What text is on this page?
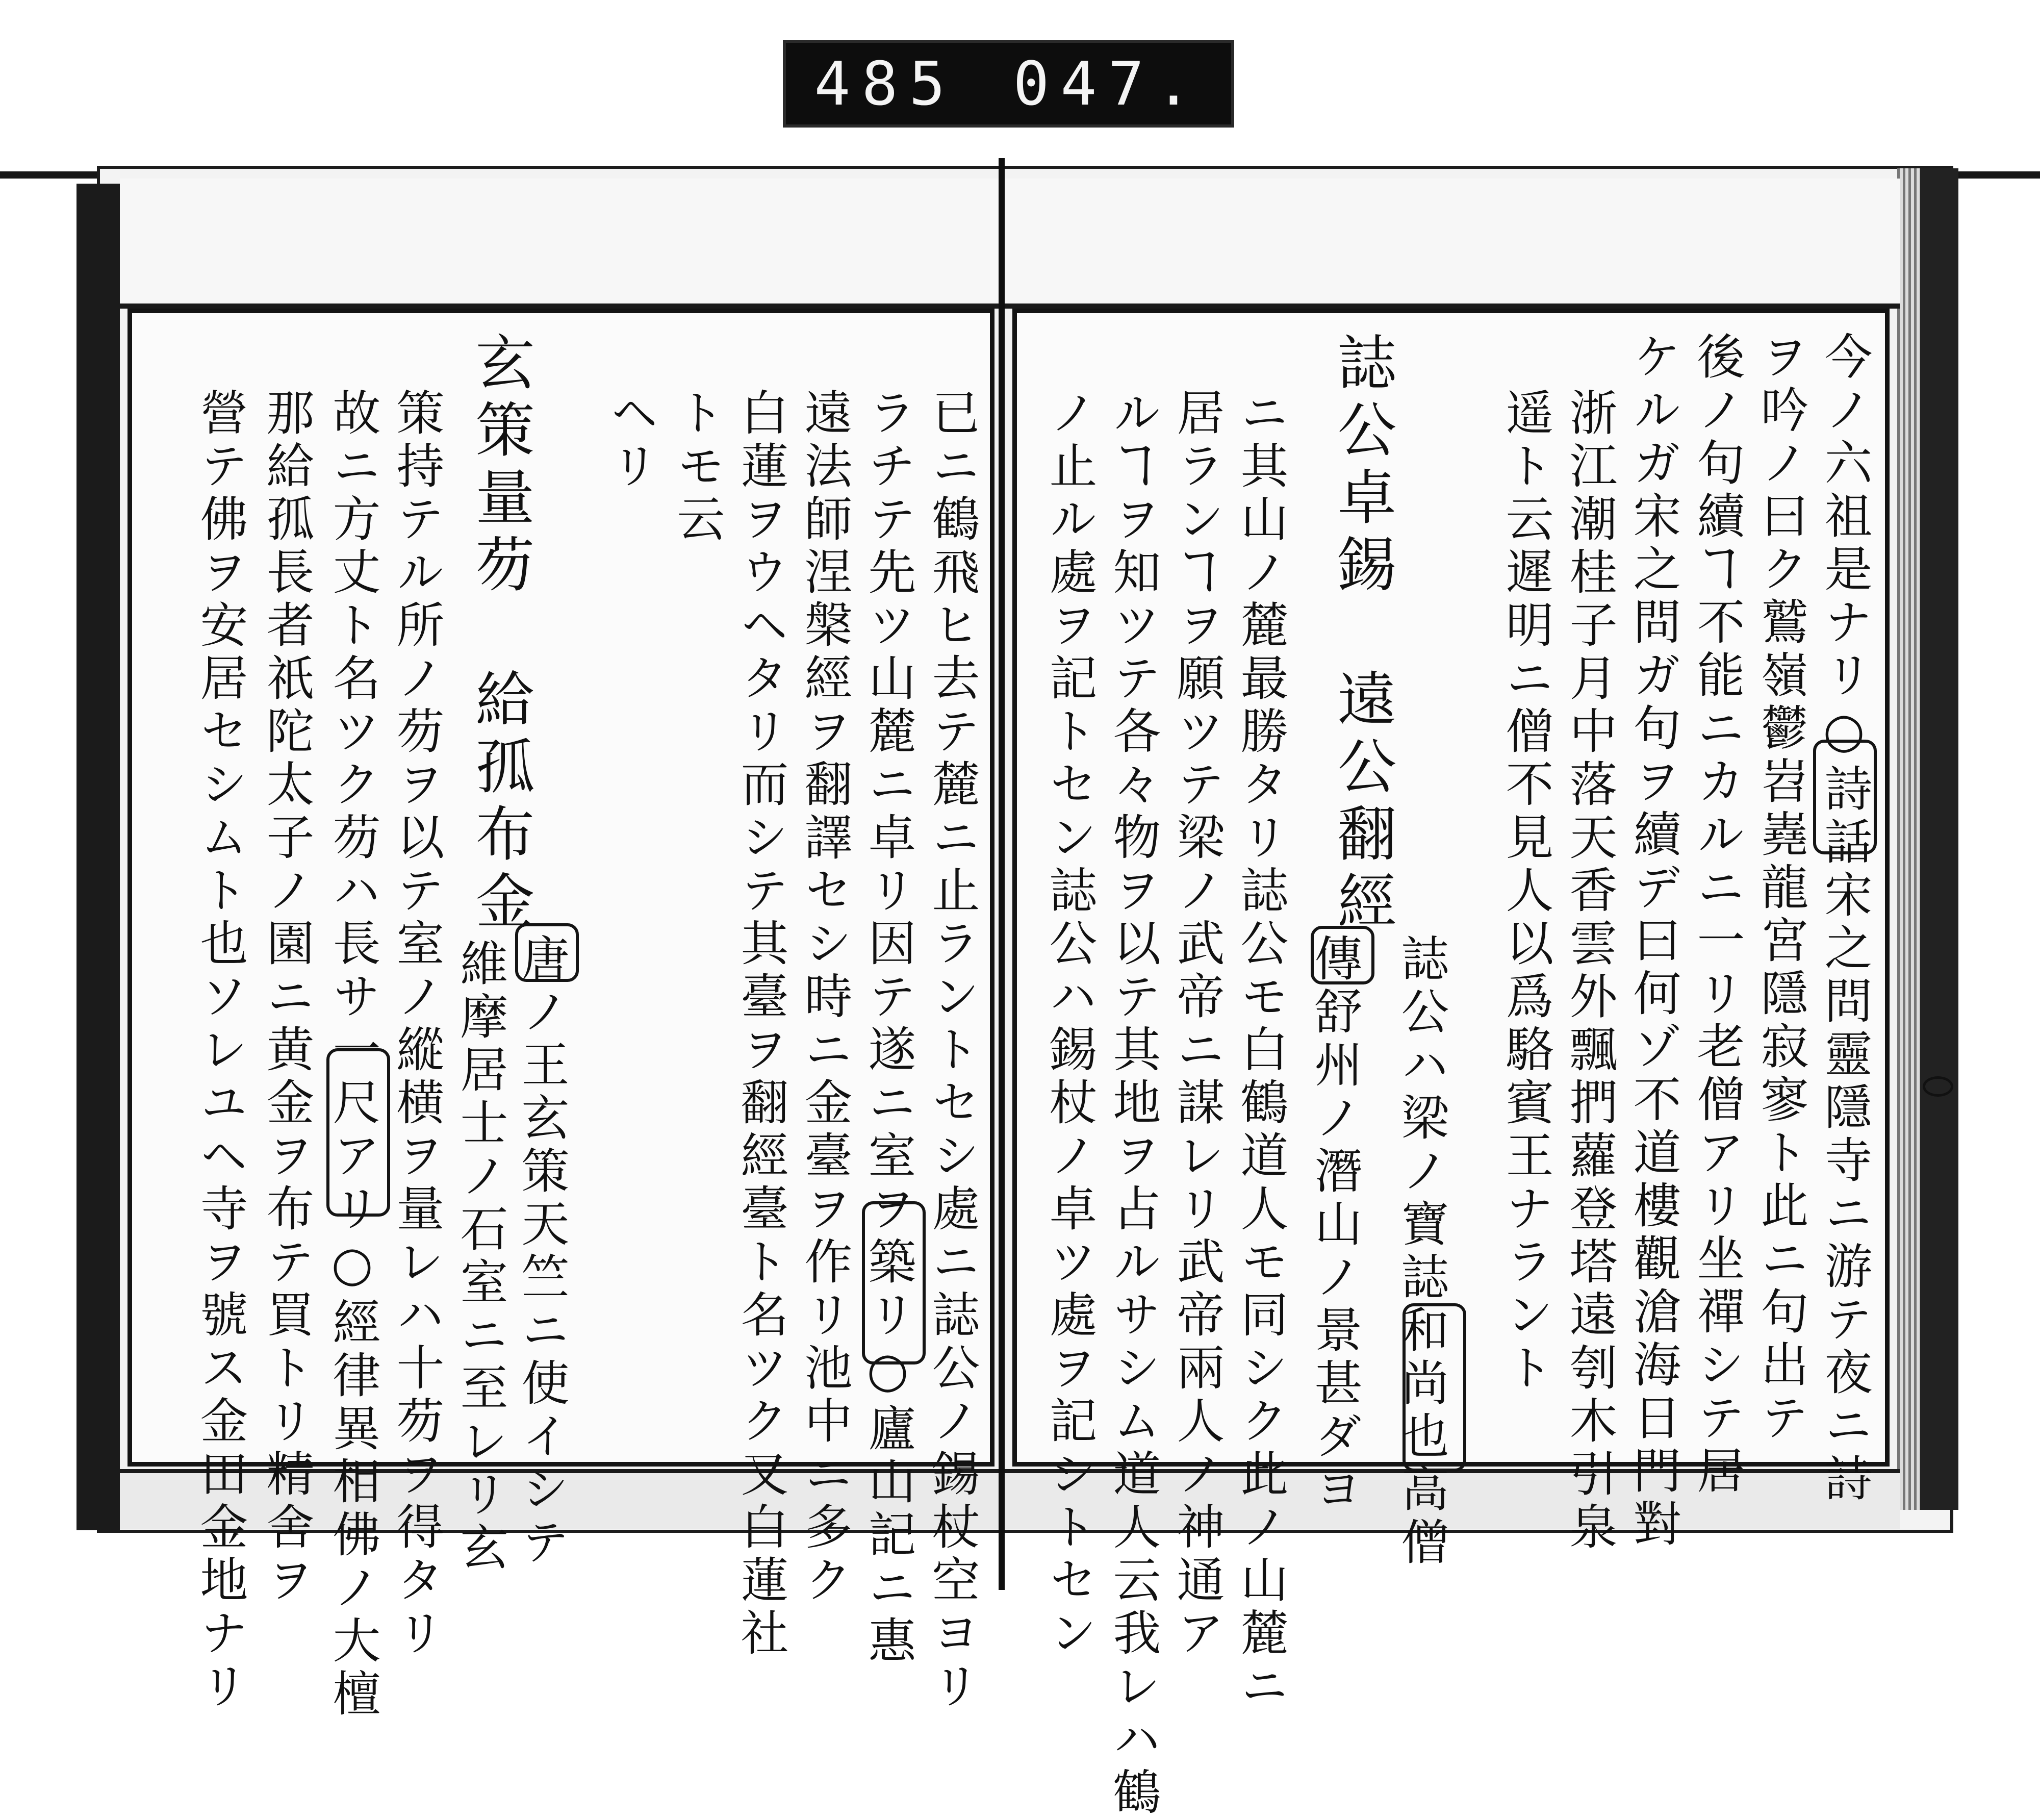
485 047.
今ノ六祖是ナリ○詩話宋之問靈隱寺ニ游テ夜ニ詩
ヲ吟ノ曰ク鷲嶺鬱岧嶤龍宮隱寂寥ト此ニ句出テ
後ノ句續ヿ不能ニカルニ一リ老僧アリ坐禪シテ居
ケルガ宋之問ガ句ヲ續デ曰何ゾ不道樓觀滄海日門對
浙江潮桂子月中落天香雲外飄捫蘿登塔遠刳木引泉
遥ト云遲明ニ僧不見人以爲駱賓王ナラント
誌公卓錫　遠公翻經
傳舒州ノ潛山ノ景甚ダヨ 誌公ハ梁ノ寶誌和尚也高僧
ニ其山ノ麓最勝タリ誌公モ白鶴道人モ同シク此ノ山麓ニ
居ランヿヲ願ツテ梁ノ武帝ニ謀レリ武帝兩人ノ神通ア
ルヿヲ知ツテ各々物ヲ以テ其地ヲ占ルサシム道人云我レハ鶴
ノ止ル處ヲ記トセン誌公ハ錫杖ノ卓ツ處ヲ記シトセン
已ニ鶴飛ヒ去テ麓ニ止ラントセシ處ニ誌公ノ錫杖空ヨリ
ラチテ先ツ山麓ニ卓リ因テ遂ニ室ヲ築リ○廬山記ニ惠
遠法師涅槃經ヲ翻譯セシ時ニ金臺ヲ作リ池中ニ多ク
白蓮ヲウヘタリ而シテ其臺ヲ翻經臺ト名ツク又白蓮社
トモ云
ヘリ
玄策量芴　給孤布金
唐ノ王玄策天竺ニ使イシテ
維摩居士ノ石室ニ至レリ玄
策持テル所ノ芴ヲ以テ室ノ縱横ヲ量レハ十芴ヲ得タリ
故ニ方丈ト名ツク芴ハ長サ一尺アリ○經律異相佛ノ大檀
那給孤長者祇陀太子ノ園ニ黄金ヲ布テ買トリ精舍ヲ
營テ佛ヲ安居セシムト也ソレユヘ寺ヲ號ス金田金地ナリ
